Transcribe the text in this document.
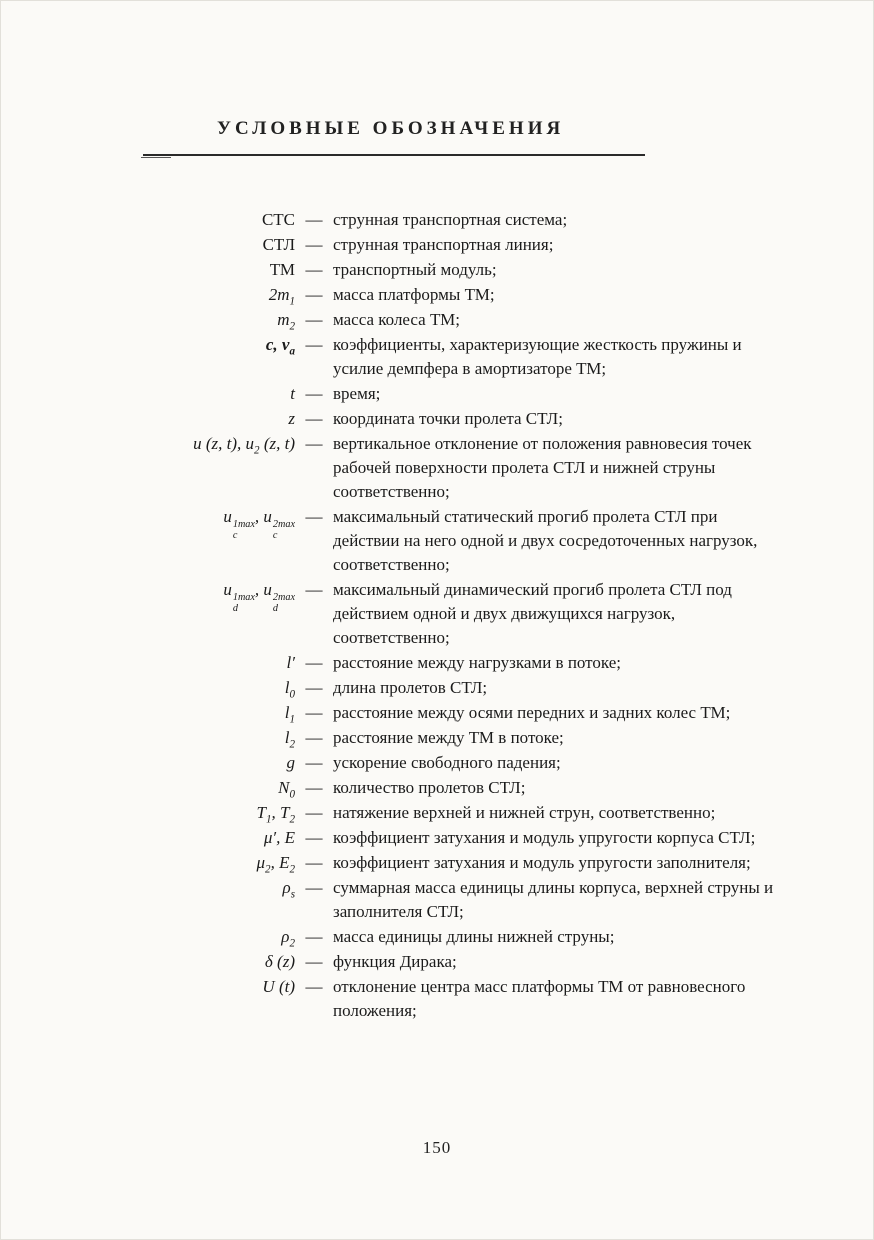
УСЛОВНЫЕ ОБОЗНАЧЕНИЯ
СТС — струнная транспортная система;
СТЛ — струнная транспортная линия;
ТМ — транспортный модуль;
$2m_1$ — масса платформы ТМ;
$m_2$ — масса колеса ТМ;
c, $v_a$ — коэффициенты, характеризующие жесткость пружины и усилие демпфера в амортизаторе ТМ;
t — время;
z — координата точки пролета СТЛ;
u (z, t), $u_2$ (z, t) — вертикальное отклонение от положения равновесия точек рабочей поверхности пролета СТЛ и нижней струны соответственно;
u 1max
c
, u 2max
c
— максимальный статический прогиб пролета СТЛ при действии на него одной и двух сосредоточенных нагрузок, соответственно;
u 1max
d
, u 2max
d
— максимальный динамический прогиб пролета СТЛ под действием одной и двух движущихся нагрузок, соответственно;
l′ — расстояние между нагрузками в потоке;
$l_0$ — длина пролетов СТЛ;
$l_1$ — расстояние между осями передних и задних колес ТМ;
$l_2$ — расстояние между ТМ в потоке;
g — ускорение свободного падения;
$N_0$ — количество пролетов СТЛ;
$T_1$, $T_2$ — натяжение верхней и нижней струн, соответственно;
μ′, E — коэффициент затухания и модуль упругости корпуса СТЛ;
$\mu_2$, $E_2$ — коэффициент затухания и модуль упругости заполнителя;
$\rho_s$ — суммарная масса единицы длины корпуса, верхней струны и заполнителя СТЛ;
$\rho_2$ — масса единицы длины нижней струны;
δ (z) — функция Дирака;
U (t) — отклонение центра масс платформы ТМ от равновесного положения;
150
